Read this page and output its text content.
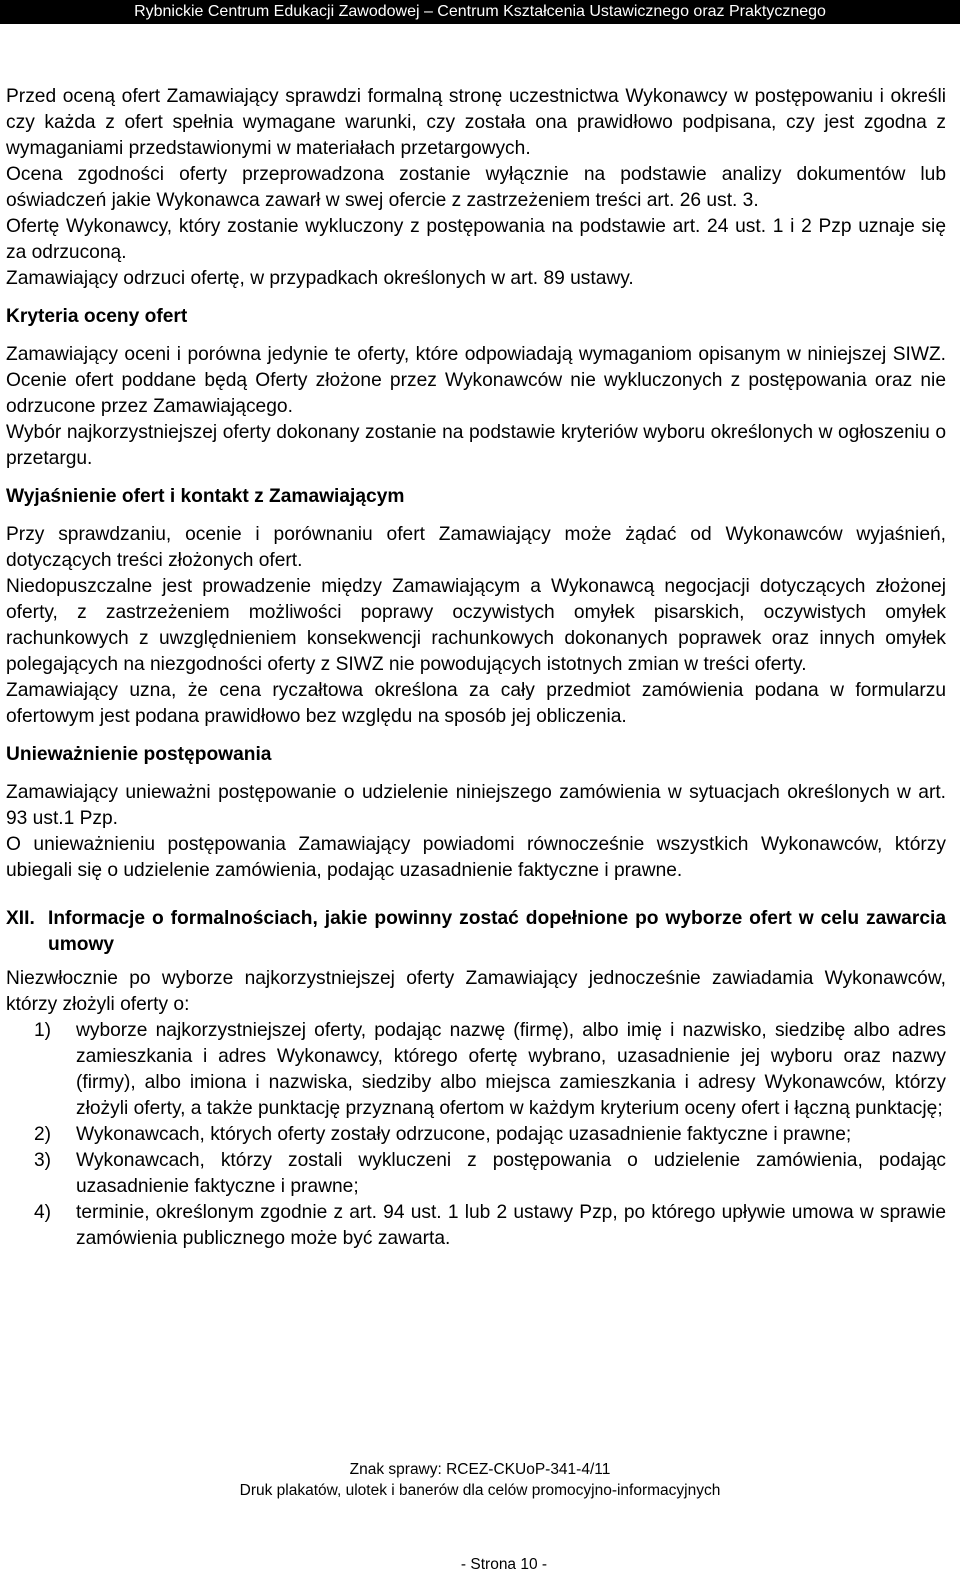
Rybnickie Centrum Edukacji Zawodowej – Centrum Kształcenia Ustawicznego oraz Praktycznego

Przed oceną ofert Zamawiający sprawdzi formalną stronę uczestnictwa Wykonawcy w postępowaniu i określi czy każda z ofert spełnia wymagane warunki, czy została ona prawidłowo podpisana, czy jest zgodna z wymaganiami przedstawionymi w materiałach przetargowych.

Ocena zgodności oferty przeprowadzona zostanie wyłącznie na podstawie analizy dokumentów lub oświadczeń jakie Wykonawca zawarł w swej ofercie z zastrzeżeniem treści art. 26 ust. 3.

Ofertę Wykonawcy, który zostanie wykluczony z postępowania na podstawie art. 24 ust. 1 i 2 Pzp uznaje się za odrzuconą.

Zamawiający odrzuci ofertę, w przypadkach określonych w art. 89 ustawy.

Kryteria oceny ofert

Zamawiający oceni i porówna jedynie te oferty, które odpowiadają wymaganiom opisanym w niniejszej SIWZ. Ocenie ofert poddane będą Oferty złożone przez Wykonawców nie wykluczonych z postępowania oraz nie odrzucone przez Zamawiającego.

Wybór najkorzystniejszej oferty dokonany zostanie na podstawie kryteriów wyboru określonych w ogłoszeniu o przetargu.

Wyjaśnienie ofert i kontakt z Zamawiającym

Przy sprawdzaniu, ocenie i porównaniu ofert Zamawiający może żądać od Wykonawców wyjaśnień, dotyczących treści złożonych ofert.

Niedopuszczalne jest prowadzenie między Zamawiającym a Wykonawcą negocjacji dotyczących złożonej oferty, z zastrzeżeniem możliwości poprawy oczywistych omyłek pisarskich, oczywistych omyłek rachunkowych z uwzględnieniem konsekwencji rachunkowych dokonanych poprawek oraz innych omyłek polegających na niezgodności oferty z SIWZ nie powodujących istotnych zmian w treści oferty.

Zamawiający uzna, że cena ryczałtowa określona za cały przedmiot zamówienia podana w formularzu ofertowym jest podana prawidłowo bez względu na sposób jej obliczenia.

Unieważnienie postępowania

Zamawiający unieważni postępowanie o udzielenie niniejszego zamówienia w sytuacjach określonych w art. 93 ust.1 Pzp.

O unieważnieniu postępowania Zamawiający powiadomi równocześnie wszystkich Wykonawców, którzy ubiegali się o udzielenie zamówienia, podając uzasadnienie faktyczne i prawne.

XII. Informacje o formalnościach, jakie powinny zostać dopełnione po wyborze ofert w celu zawarcia umowy

Niezwłocznie po wyborze najkorzystniejszej oferty Zamawiający jednocześnie zawiadamia Wykonawców, którzy złożyli oferty o:

1) wyborze najkorzystniejszej oferty, podając nazwę (firmę), albo imię i nazwisko, siedzibę albo adres zamieszkania i adres Wykonawcy, którego ofertę wybrano, uzasadnienie jej wyboru oraz nazwy (firmy), albo imiona i nazwiska, siedziby albo miejsca zamieszkania i adresy Wykonawców, którzy złożyli oferty, a także punktację przyznaną ofertom w każdym kryterium oceny ofert i łączną punktację;
2) Wykonawcach, których oferty zostały odrzucone, podając uzasadnienie faktyczne i prawne;
3) Wykonawcach, którzy zostali wykluczeni z postępowania o udzielenie zamówienia, podając uzasadnienie faktyczne i prawne;
4) terminie, określonym zgodnie z art. 94 ust. 1 lub 2 ustawy Pzp, po którego upływie umowa w sprawie zamówienia publicznego może być zawarta.
Znak sprawy: RCEZ-CKUoP-341-4/11
Druk plakatów, ulotek i banerów dla celów promocyjno-informacyjnych
- Strona 10 -
